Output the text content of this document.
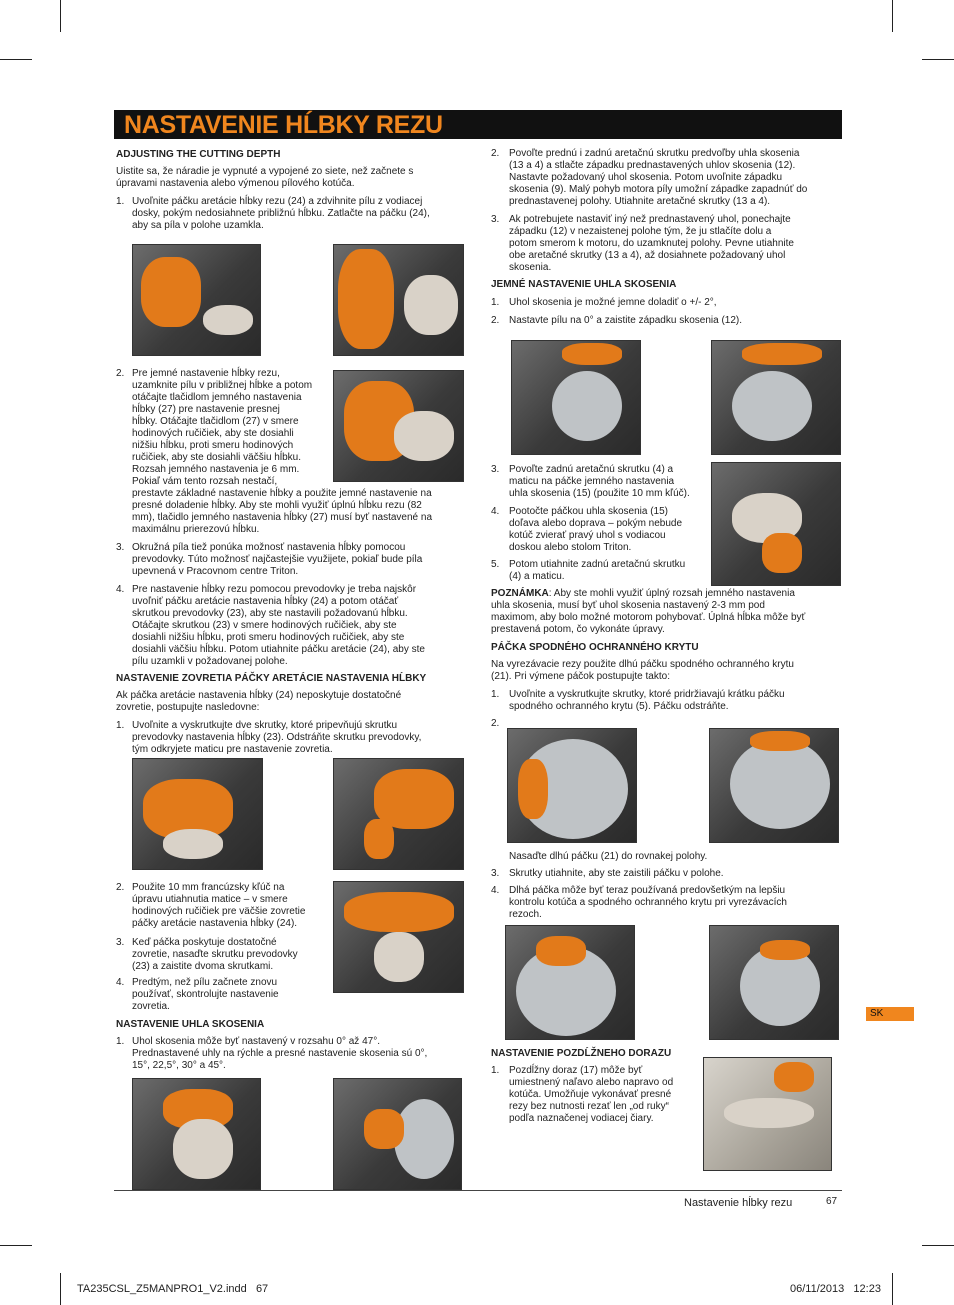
NASTAVENIE HĹBKY REZU
ADJUSTING THE CUTTING DEPTH
Uistite sa, že náradie je vypnuté a vypojené zo siete, než začnete s
úpravami nastavenia alebo výmenou pílového kotúča.
1. Uvoľnite páčku aretácie hĺbky rezu (24) a zdvihnite pílu z vodiacej
dosky, pokým nedosiahnete približnú hĺbku. Zatlačte na páčku (24),
aby sa píla v polohe uzamkla.
2. Pre jemné nastavenie hĺbky rezu,
uzamknite pílu v približnej hĺbke a potom
otáčajte tlačidlom jemného nastavenia
hĺbky (27) pre nastavenie presnej
hĺbky. Otáčajte tlačidlom (27) v smere
hodinových ručičiek, aby ste dosiahli
nižšiu hĺbku, proti smeru hodinových
ručičiek, aby ste dosiahli väčšiu hĺbku.
Rozsah jemného nastavenia je 6 mm.
Pokiaľ vám tento rozsah nestačí,
prestavte základné nastavenie hĺbky a použite jemné nastavenie na
presné doladenie hĺbky. Aby ste mohli využiť úplnú hĺbku rezu (82
mm), tlačidlo jemného nastavenia hĺbky (27) musí byť nastavené na
maximálnu prierezovú hĺbku.
3. Okružná píla tiež ponúka možnosť nastavenia hĺbky pomocou
prevodovky. Túto možnosť najčastejšie využijete, pokiaľ bude píla
upevnená v Pracovnom centre Triton.
4. Pre nastavenie hĺbky rezu pomocou prevodovky je treba najskôr
uvoľniť páčku aretácie nastavenia hĺbky (24) a potom otáčať
skrutkou prevodovky (23), aby ste nastavili požadovanú hĺbku.
Otáčajte skrutkou (23) v smere hodinových ručičiek, aby ste
dosiahli nižšiu hĺbku, proti smeru hodinových ručičiek, aby ste
dosiahli väčšiu hĺbku. Potom utiahnite páčku aretácie (24), aby ste
pílu uzamkli v požadovanej polohe.
NASTAVENIE ZOVRETIA PÁČKY ARETÁCIE NASTAVENIA HĹBKY
Ak páčka aretácie nastavenia hĺbky (24) neposkytuje dostatočné
zovretie, postupujte nasledovne:
1. Uvoľnite a vyskrutkujte dve skrutky, ktoré pripevňujú skrutku
prevodovky nastavenia hĺbky (23). Odstráňte skrutku prevodovky,
tým odkryjete maticu pre nastavenie zovretia.
2. Použite 10 mm francúzsky kľúč na
úpravu utiahnutia matice – v smere
hodinových ručičiek pre väčšie zovretie
páčky aretácie nastavenia hĺbky (24).
3. Keď páčka poskytuje dostatočné
zovretie, nasaďte skrutku prevodovky
(23) a zaistite dvoma skrutkami.
4. Predtým, než pílu začnete znovu
používať, skontrolujte nastavenie
zovretia.
NASTAVENIE UHLA SKOSENIA
1. Uhol skosenia môže byť nastavený v rozsahu 0° až 47°.
Prednastavené uhly na rýchle a presné nastavenie skosenia sú 0°,
15°, 22,5°, 30° a 45°.
2. Povoľte prednú i zadnú aretačnú skrutku predvoľby uhla skosenia
(13 a 4) a stlačte západku prednastavených uhlov skosenia (12).
Nastavte požadovaný uhol skosenia. Potom uvoľnite západku
skosenia (9). Malý pohyb motora píly umožní západke zapadnúť do
prednastavenej polohy. Utiahnite aretačné skrutky (13 a 4).
3. Ak potrebujete nastaviť iný než prednastavený uhol, ponechajte
západku (12) v nezaistenej polohe tým, že ju stlačíte dolu a
potom smerom k motoru, do uzamknutej polohy. Pevne utiahnite
obe aretačné skrutky (13 a 4), až dosiahnete požadovaný uhol
skosenia.
JEMNÉ NASTAVENIE UHLA SKOSENIA
1. Uhol skosenia je možné jemne doladiť o +/- 2°,
2. Nastavte pílu na 0° a zaistite západku skosenia (12).
3. Povoľte zadnú aretačnú skrutku (4) a
maticu na páčke jemného nastavenia
uhla skosenia (15) (použite 10 mm kľúč).
4. Pootočte páčkou uhla skosenia (15)
doľava alebo doprava – pokým nebude
kotúč zvierať pravý uhol s vodiacou
doskou alebo stolom Triton.
5. Potom utiahnite zadnú aretačnú skrutku
(4) a maticu.
POZNÁMKA: Aby ste mohli využiť úplný rozsah jemného nastavenia
uhla skosenia, musí byť uhol skosenia nastavený 2-3 mm pod
maximom, aby bolo možné motorom pohybovať. Úplná hĺbka môže byť
prestavená potom, čo vykonáte úpravy.
PÁČKA SPODNÉHO OCHRANNÉHO KRYTU
Na vyrezávacie rezy použite dlhú páčku spodného ochranného krytu
(21). Pri výmene páčok postupujte takto:
1. Uvoľnite a vyskrutkujte skrutky, ktoré pridržiavajú krátku páčku
spodného ochranného krytu (5). Páčku odstráňte.
2.
Nasaďte dlhú páčku (21) do rovnakej polohy.
3. Skrutky utiahnite, aby ste zaistili páčku v polohe.
4. Dlhá páčka môže byť teraz používaná predovšetkým na lepšiu
kontrolu kotúča a spodného ochranného krytu pri vyrezávacích
rezoch.
SK
NASTAVENIE POZDĹŽNEHO DORAZU
1. Pozdĺžny doraz (17) môže byť
umiestnený naľavo alebo napravo od
kotúča. Umožňuje vykonávať presné
rezy bez nutnosti rezať len „od ruky“
podľa naznačenej vodiacej čiary.
Nastavenie hĺbky rezu	67
TA235CSL_Z5MANPRO1_V2.indd   67	06/11/2013   12:23
